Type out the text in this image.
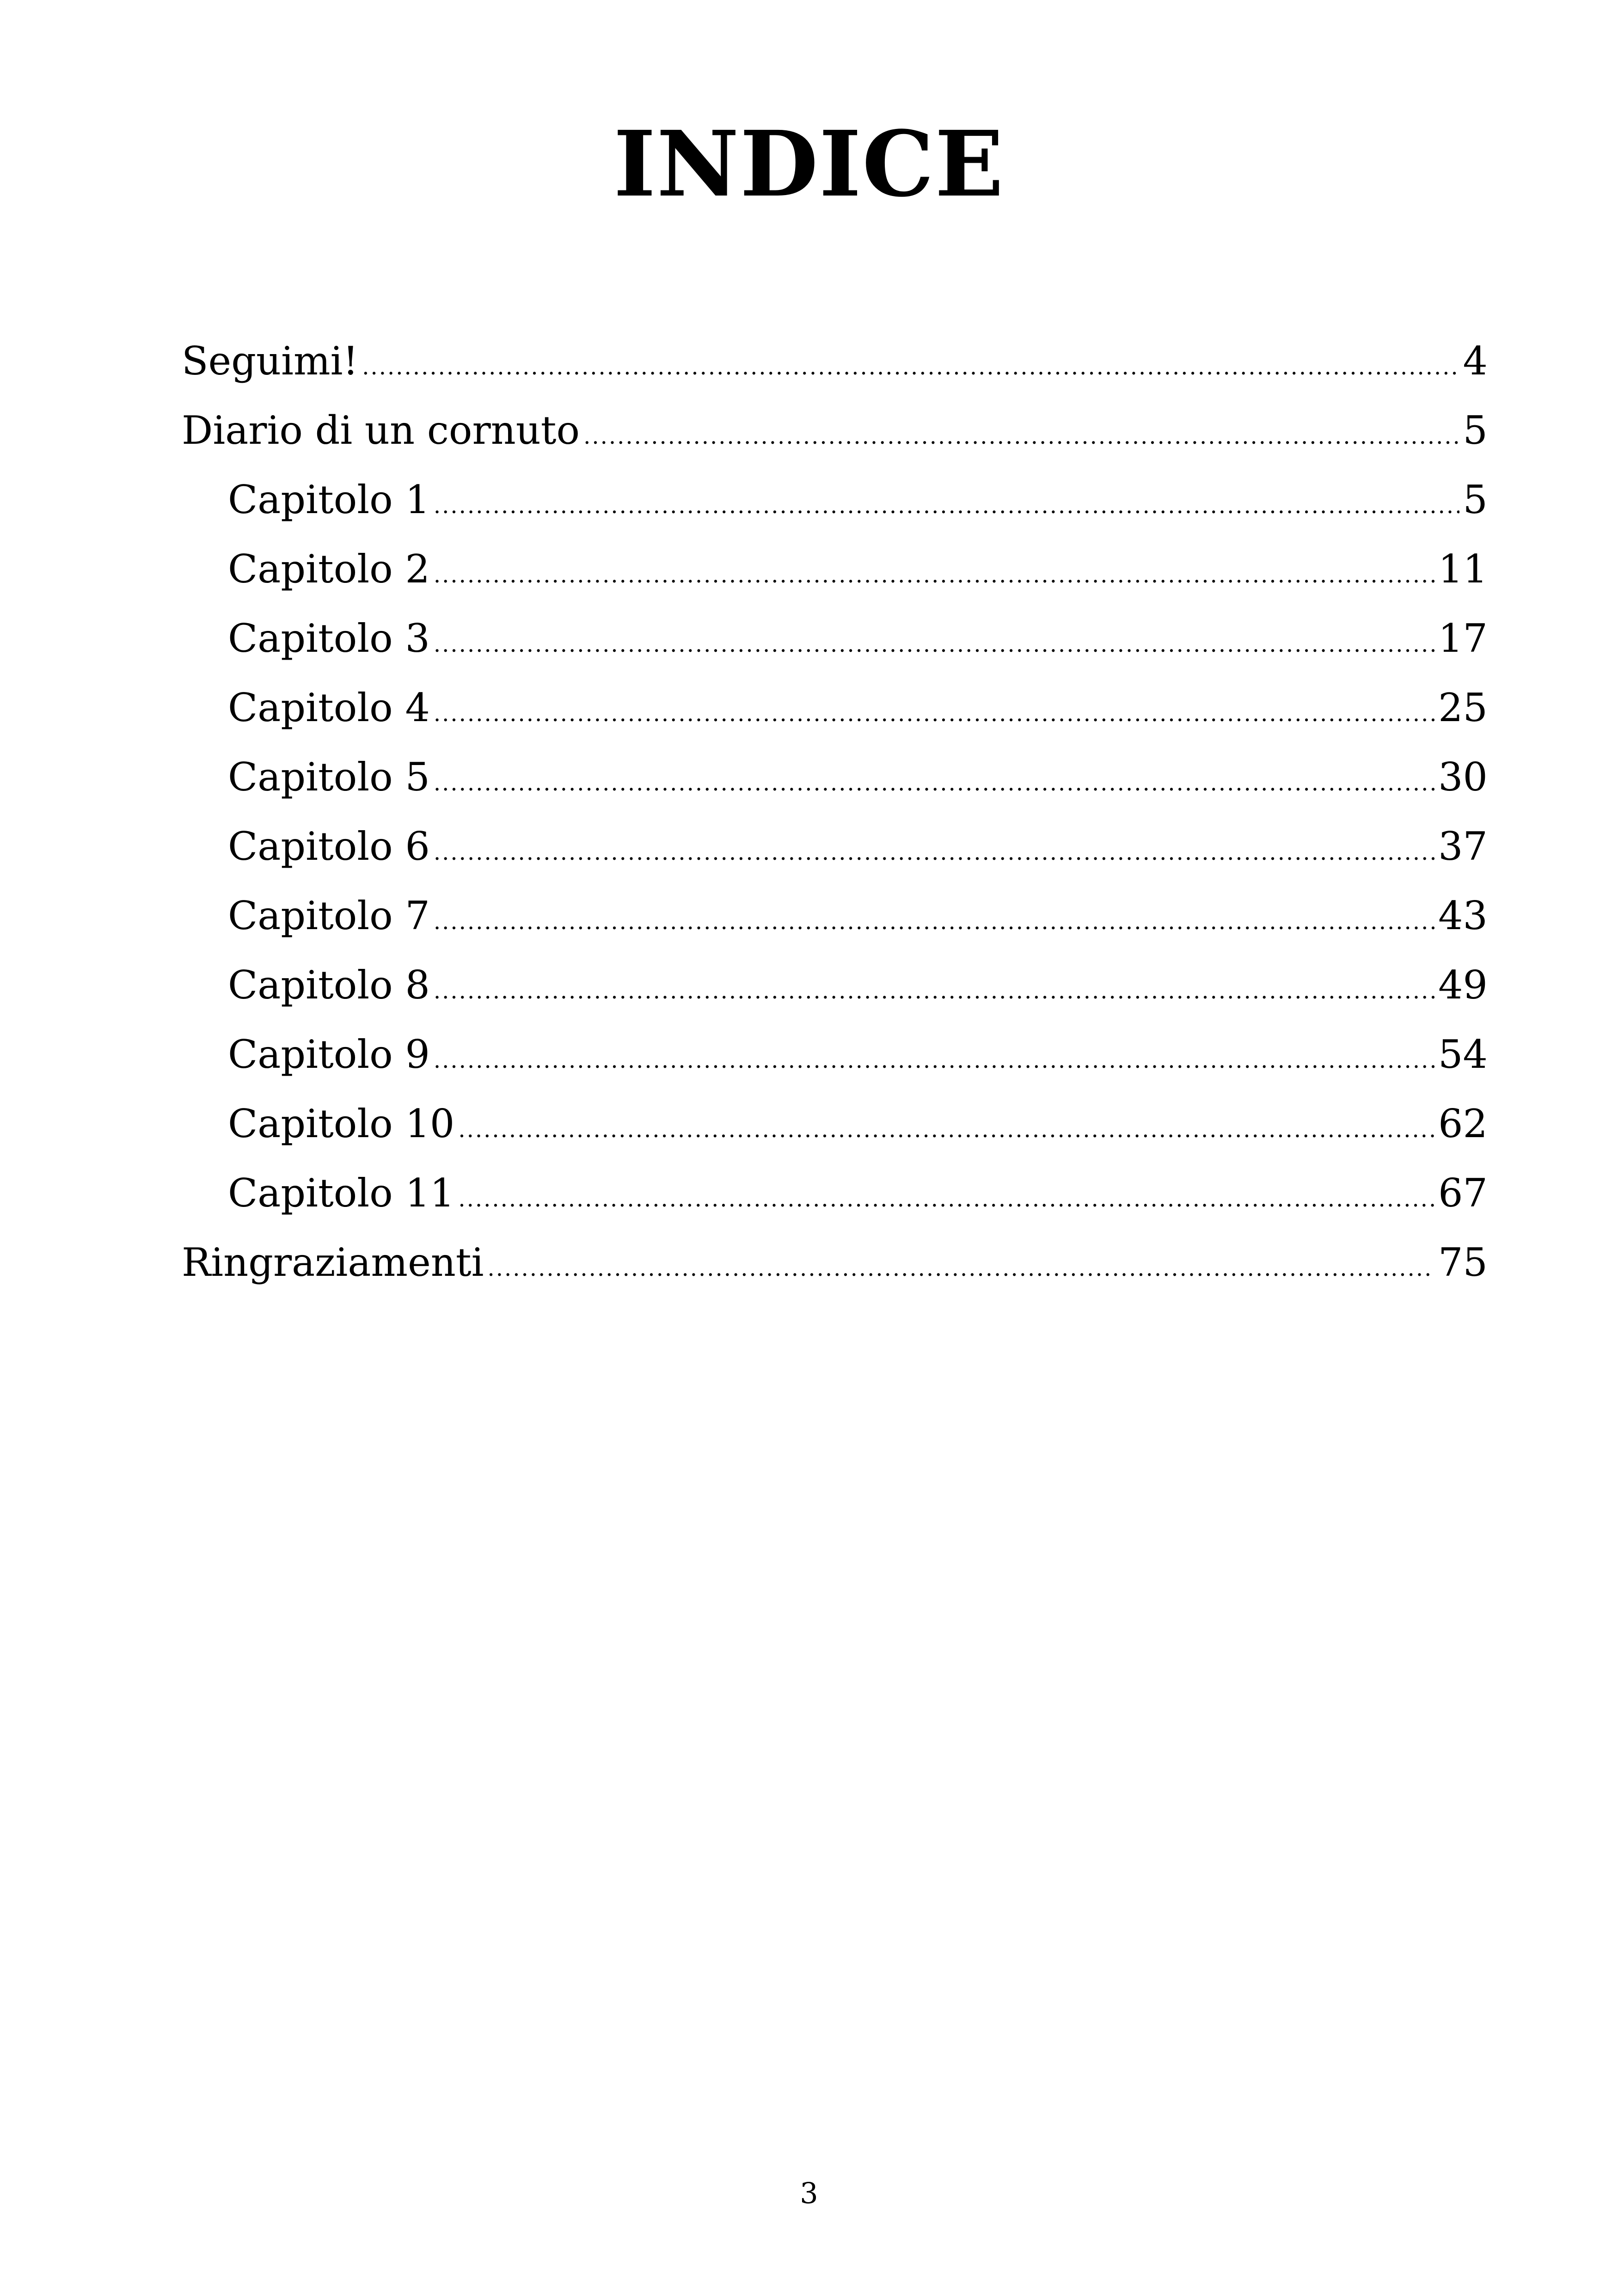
INDICE
Seguimi! .....	4
Diario di un cornuto .....	5
Capitolo 1 .....	5
Capitolo 2 .....	11
Capitolo 3 .....	17
Capitolo 4 .....	25
Capitolo 5 .....	30
Capitolo 6 .....	37
Capitolo 7 .....	43
Capitolo 8 .....	49
Capitolo 9 .....	54
Capitolo 10 .....	62
Capitolo 11 .....	67
Ringraziamenti .....	75
3
